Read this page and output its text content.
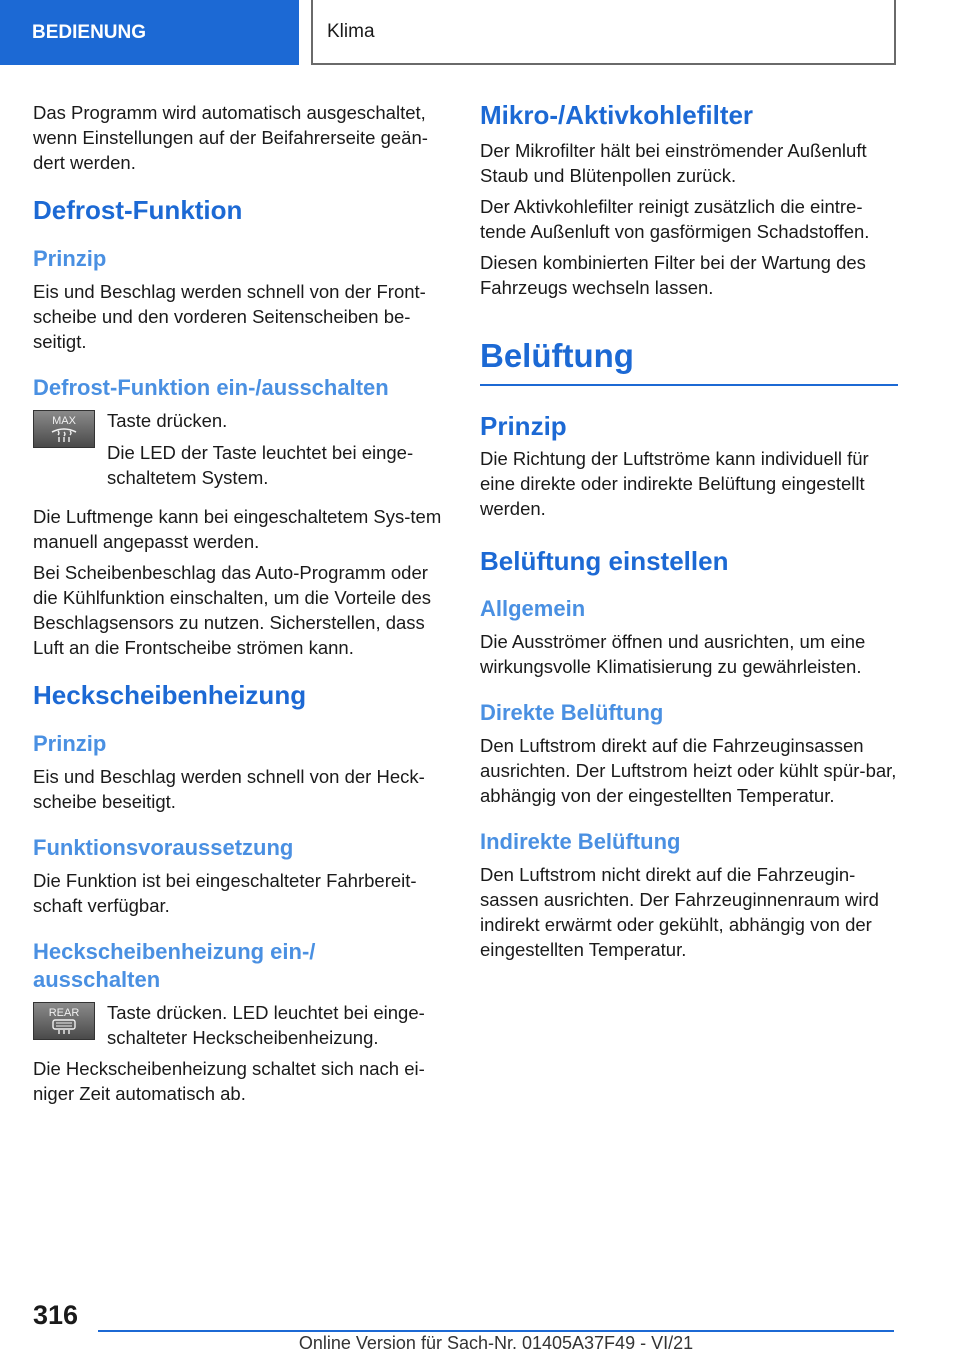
BEDIENUNG	Klima

Das Programm wird automatisch ausgeschaltet, wenn Einstellungen auf der Beifahrerseite geän-dert werden.

Defrost-Funktion
Prinzip

Eis und Beschlag werden schnell von der Front-scheibe und den vorderen Seitenscheiben be-seitigt.

Defrost-Funktion ein-/ausschalten
MAX Taste drücken.

Die LED der Taste leuchtet bei einge-schaltetem System.

Die Luftmenge kann bei eingeschaltetem Sys-tem manuell angepasst werden.

Bei Scheibenbeschlag das Auto-Programm oder die Kühlfunktion einschalten, um die Vorteile des Beschlagsensors zu nutzen. Sicherstellen, dass Luft an die Frontscheibe strömen kann.

Heckscheibenheizung
Prinzip

Eis und Beschlag werden schnell von der Heck-scheibe beseitigt.

Funktionsvoraussetzung

Die Funktion ist bei eingeschalteter Fahrbereit-schaft verfügbar.

Heckscheibenheizung ein-/ ausschalten
REAR Taste drücken. LED leuchtet bei einge-schalteter Heckscheibenheizung.

Die Heckscheibenheizung schaltet sich nach ei-niger Zeit automatisch ab.

Mikro-/Aktivkohlefilter

Der Mikrofilter hält bei einströmender Außenluft Staub und Blütenpollen zurück.

Der Aktivkohlefilter reinigt zusätzlich die eintre-tende Außenluft von gasförmigen Schadstoffen.

Diesen kombinierten Filter bei der Wartung des Fahrzeugs wechseln lassen.

Belüftung
Prinzip

Die Richtung der Luftströme kann individuell für eine direkte oder indirekte Belüftung eingestellt werden.

Belüftung einstellen
Allgemein

Die Ausströmer öffnen und ausrichten, um eine wirkungsvolle Klimatisierung zu gewährleisten.

Direkte Belüftung

Den Luftstrom direkt auf die Fahrzeuginsassen ausrichten. Der Luftstrom heizt oder kühlt spür-bar, abhängig von der eingestellten Temperatur.

Indirekte Belüftung

Den Luftstrom nicht direkt auf die Fahrzeugin-sassen ausrichten. Der Fahrzeuginnenraum wird indirekt erwärmt oder gekühlt, abhängig von der eingestellten Temperatur.

316
Online Version für Sach-Nr. 01405A37F49 - VI/21
